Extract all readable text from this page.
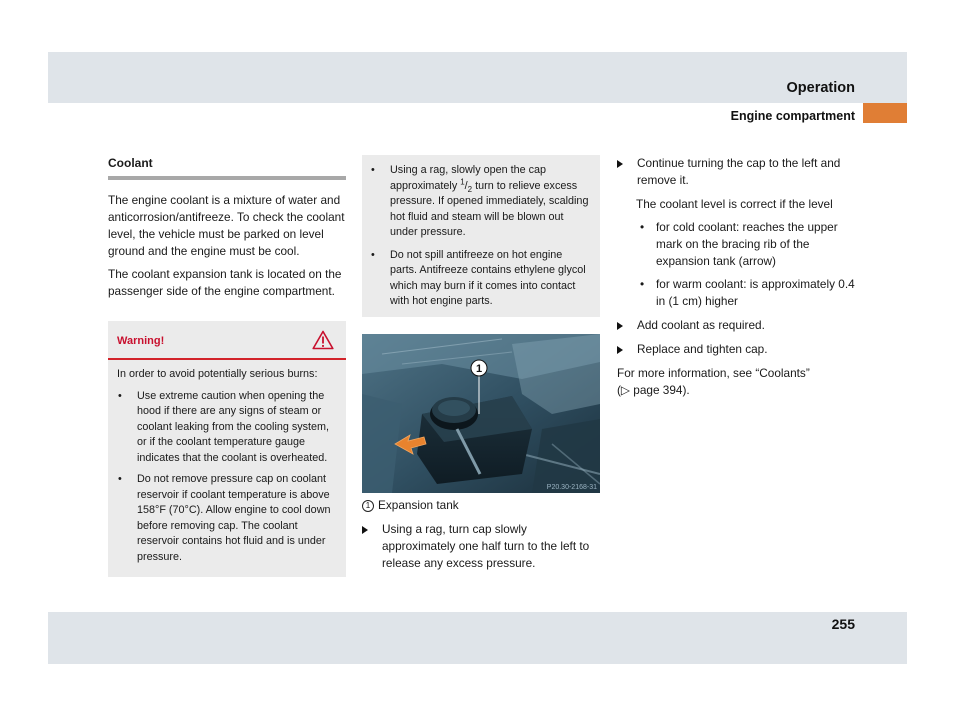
Operation
Engine compartment
Coolant

The engine coolant is a mixture of water and anticorrosion/antifreeze. To check the coolant level, the vehicle must be parked on level ground and the engine must be cool.

The coolant expansion tank is located on the passenger side of the engine compartment.

Warning!

In order to avoid potentially serious burns:

• Use extreme caution when opening the hood if there are any signs of steam or coolant leaking from the cooling system, or if the coolant temperature gauge indicates that the coolant is overheated.
• Do not remove pressure cap on coolant reservoir if coolant temperature is above 158°F (70°C). Allow engine to cool down before removing cap. The coolant reservoir contains hot fluid and is under pressure.
• Using a rag, slowly open the cap approximately $^1/_2$ turn to relieve excess pressure. If opened immediately, scalding hot fluid and steam will be blown out under pressure.
• Do not spill antifreeze on hot engine parts. Antifreeze contains ethylene glycol which may burn if it comes into contact with hot engine parts.
1
P20.30-2168-31
1 Expansion tank
Using a rag, turn cap slowly approximately one half turn to the left to release any excess pressure.
Continue turning the cap to the left and remove it.

The coolant level is correct if the level

• for cold coolant: reaches the upper mark on the bracing rib of the expansion tank (arrow)
• for warm coolant: is approximately 0.4 in (1 cm) higher
Add coolant as required.
Replace and tighten cap.

For more information, see “Coolants”

(▷ page 394).

255
